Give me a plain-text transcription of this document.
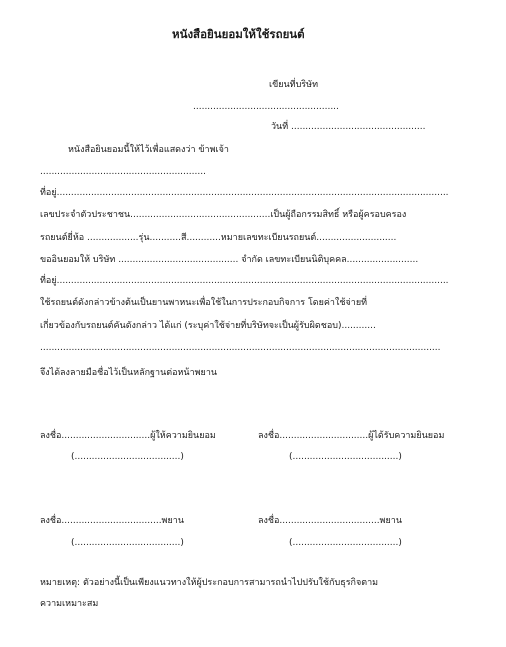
หนังสือยินยอมให้ใช้รถยนต์
เขียนที่บริษัท
...................................................
วันที่ ...............................................
หนังสือยินยอมนี้ให้ไว้เพื่อแสดงว่า ข้าพเจ้า
..........................................................
ที่อยู่.........................................................................................................................................
เลขประจำตัวประชาชน.................................................เป็นผู้ถือกรรมสิทธิ์ หรือผู้ครอบครอง
รถยนต์ยี่ห้อ ..................รุ่น...........สี............หมายเลขทะเบียนรถยนต์............................
ขออินยอมให้ บริษัท .......................................... จำกัด เลขทะเบียนนิติบุคคล.........................
ที่อยู่.........................................................................................................................................
ใช้รถยนต์ดังกล่าวข้างต้นเป็นยานพาหนะเพื่อใช้ในการประกอบกิจการ โดยค่าใช้จ่ายที่
เกี่ยวข้องกับรถยนต์คันดังกล่าว ได้แก่ (ระบุค่าใช้จ่ายที่บริษัทจะเป็นผู้รับผิดชอบ)............
............................................................................................................................................
จึงได้ลงลายมือชื่อไว้เป็นหลักฐานต่อหน้าพยาน
ลงชื่อ...............................ผู้ให้ความยินยอม	ลงชื่อ...............................ผู้ได้รับความยินยอม
(.....................................)	(.....................................)
ลงชื่อ...................................พยาน	ลงชื่อ...................................พยาน
(.....................................)	(.....................................)
หมายเหตุ: ตัวอย่างนี้เป็นเพียงแนวทางให้ผู้ประกอบการสามารถนำไปปรับใช้กับธุรกิจตาม
ความเหมาะสม
